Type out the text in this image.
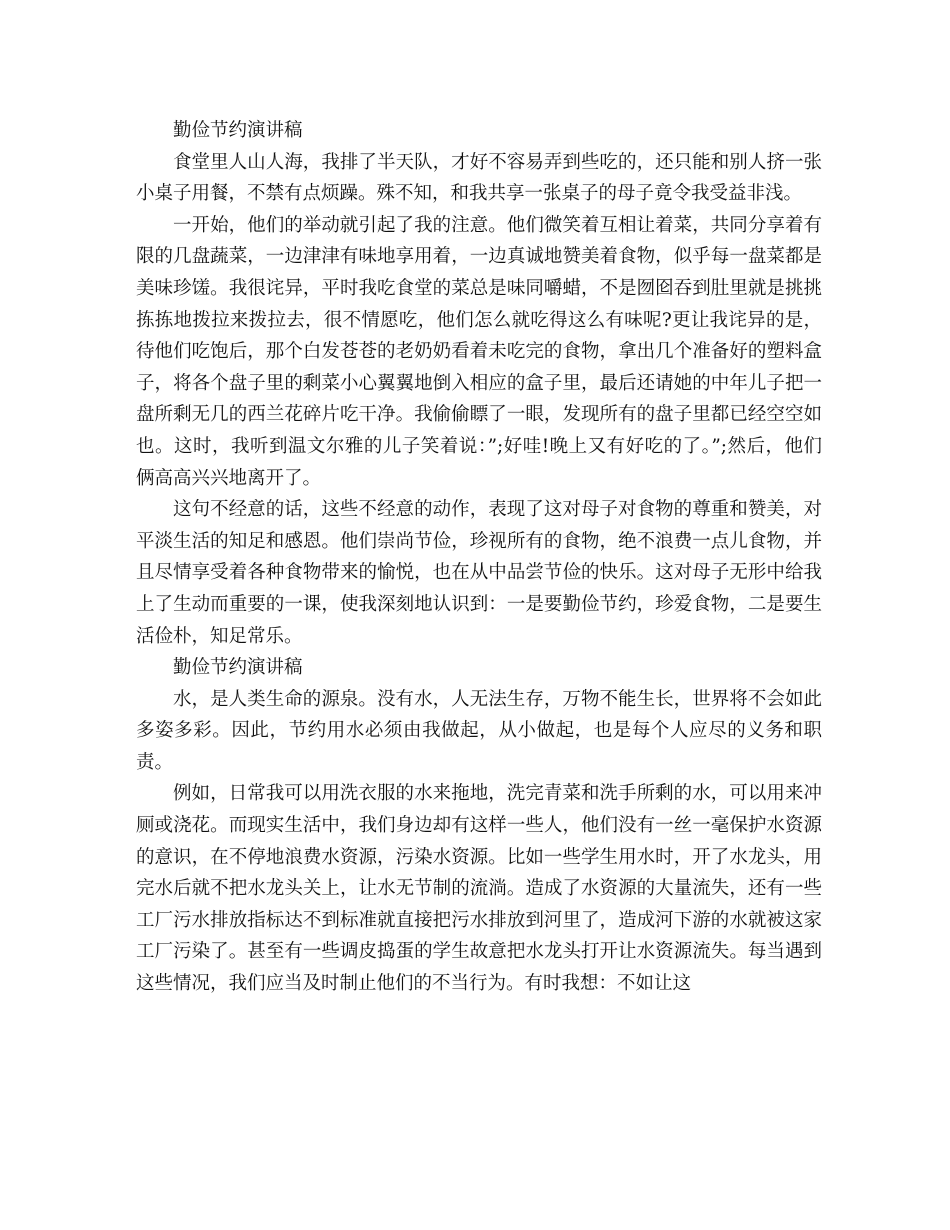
勤俭节约演讲稿

食堂里人山人海，我排了半天队，才好不容易弄到些吃的，还只能和别人挤一张小桌子用餐，不禁有点烦躁。殊不知，和我共享一张桌子的母子竟令我受益非浅。

一开始，他们的举动就引起了我的注意。他们微笑着互相让着菜，共同分享着有限的几盘蔬菜，一边津津有味地享用着，一边真诚地赞美着食物，似乎每一盘菜都是美味珍馐。我很诧异，平时我吃食堂的菜总是味同嚼蜡，不是囫囵吞到肚里就是挑挑拣拣地拨拉来拨拉去，很不情愿吃，他们怎么就吃得这么有味呢?更让我诧异的是，待他们吃饱后，那个白发苍苍的老奶奶看着未吃完的食物，拿出几个准备好的塑料盒子，将各个盘子里的剩菜小心翼翼地倒入相应的盒子里，最后还请她的中年儿子把一盘所剩无几的西兰花碎片吃干净。我偷偷瞟了一眼，发现所有的盘子里都已经空空如也。这时，我听到温文尔雅的儿子笑着说：”;好哇!晚上又有好吃的了。”;然后，他们俩高高兴兴地离开了。

这句不经意的话，这些不经意的动作，表现了这对母子对食物的尊重和赞美，对平淡生活的知足和感恩。他们崇尚节俭，珍视所有的食物，绝不浪费一点儿食物，并且尽情享受着各种食物带来的愉悦，也在从中品尝节俭的快乐。这对母子无形中给我上了生动而重要的一课，使我深刻地认识到：一是要勤俭节约，珍爱食物，二是要生活俭朴，知足常乐。

勤俭节约演讲稿

水，是人类生命的源泉。没有水，人无法生存，万物不能生长，世界将不会如此多姿多彩。因此，节约用水必须由我做起，从小做起，也是每个人应尽的义务和职责。

例如，日常我可以用洗衣服的水来拖地，洗完青菜和洗手所剩的水，可以用来冲厕或浇花。而现实生活中，我们身边却有这样一些人，他们没有一丝一毫保护水资源的意识，在不停地浪费水资源，污染水资源。比如一些学生用水时，开了水龙头，用完水后就不把水龙头关上，让水无节制的流淌。造成了水资源的大量流失，还有一些工厂污水排放指标达不到标准就直接把污水排放到河里了，造成河下游的水就被这家工厂污染了。甚至有一些调皮捣蛋的学生故意把水龙头打开让水资源流失。每当遇到这些情况，我们应当及时制止他们的不当行为。有时我想：不如让这
